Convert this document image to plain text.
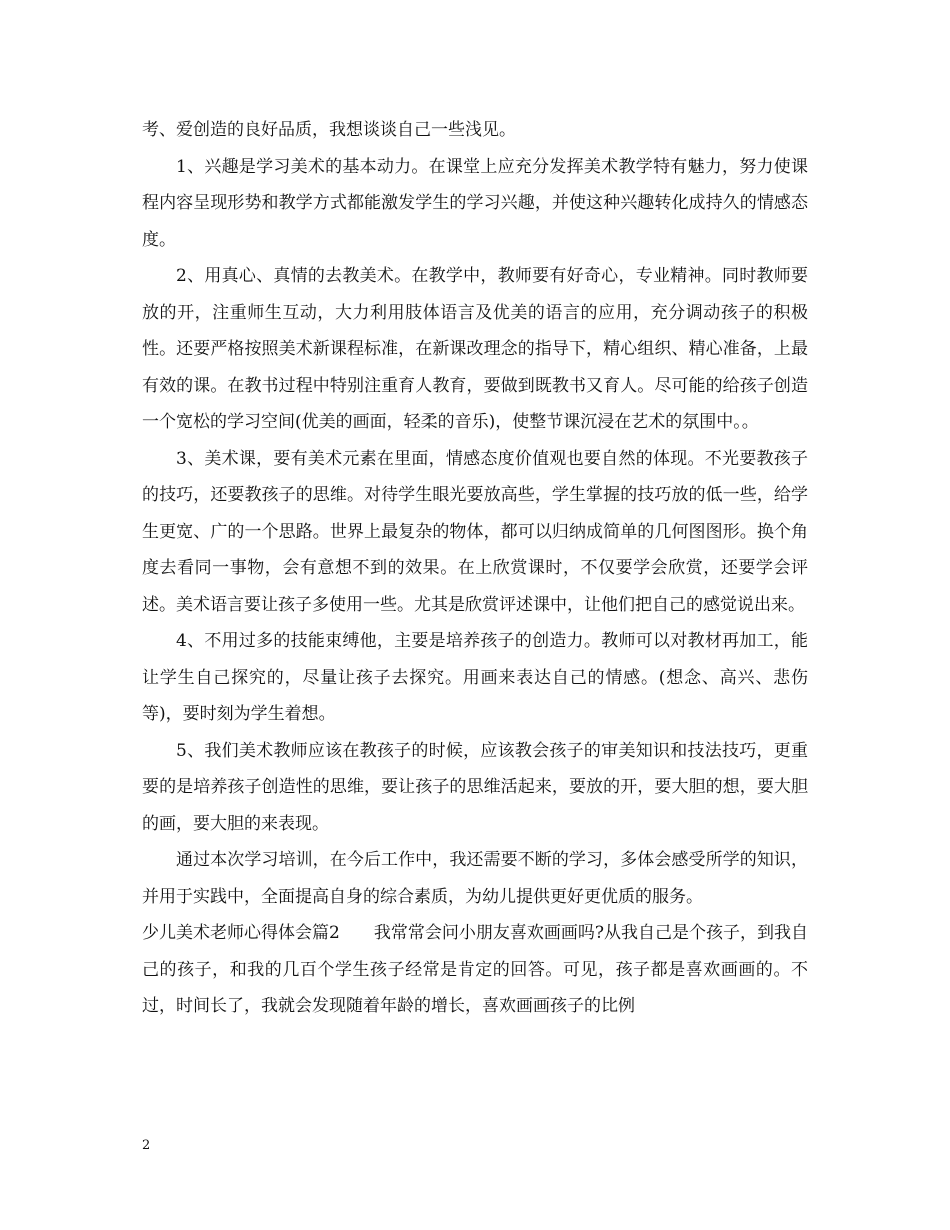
考、爱创造的良好品质，我想谈谈自己一些浅见。

1、兴趣是学习美术的基本动力。在课堂上应充分发挥美术教学特有魅力，努力使课程内容呈现形势和教学方式都能激发学生的学习兴趣，并使这种兴趣转化成持久的情感态度。

2、用真心、真情的去教美术。在教学中，教师要有好奇心，专业精神。同时教师要放的开，注重师生互动，大力利用肢体语言及优美的语言的应用，充分调动孩子的积极性。还要严格按照美术新课程标准，在新课改理念的指导下，精心组织、精心准备，上最有效的课。在教书过程中特别注重育人教育，要做到既教书又育人。尽可能的给孩子创造一个宽松的学习空间(优美的画面，轻柔的音乐)，使整节课沉浸在艺术的氛围中。。

3、美术课，要有美术元素在里面，情感态度价值观也要自然的体现。不光要教孩子的技巧，还要教孩子的思维。对待学生眼光要放高些，学生掌握的技巧放的低一些，给学生更宽、广的一个思路。世界上最复杂的物体，都可以归纳成简单的几何图图形。换个角度去看同一事物，会有意想不到的效果。在上欣赏课时，不仅要学会欣赏，还要学会评述。美术语言要让孩子多使用一些。尤其是欣赏评述课中，让他们把自己的感觉说出来。

4、不用过多的技能束缚他，主要是培养孩子的创造力。教师可以对教材再加工，能让学生自己探究的，尽量让孩子去探究。用画来表达自己的情感。(想念、高兴、悲伤等)，要时刻为学生着想。

5、我们美术教师应该在教孩子的时候，应该教会孩子的审美知识和技法技巧，更重要的是培养孩子创造性的思维，要让孩子的思维活起来，要放的开，要大胆的想，要大胆的画，要大胆的来表现。

通过本次学习培训，在今后工作中，我还需要不断的学习，多体会感受所学的知识，并用于实践中，全面提高自身的综合素质，为幼儿提供更好更优质的服务。

少儿美术老师心得体会篇2　　我常常会问小朋友喜欢画画吗?从我自己是个孩子，到我自己的孩子，和我的几百个学生孩子经常是肯定的回答。可见，孩子都是喜欢画画的。不过，时间长了，我就会发现随着年龄的增长，喜欢画画孩子的比例

2
